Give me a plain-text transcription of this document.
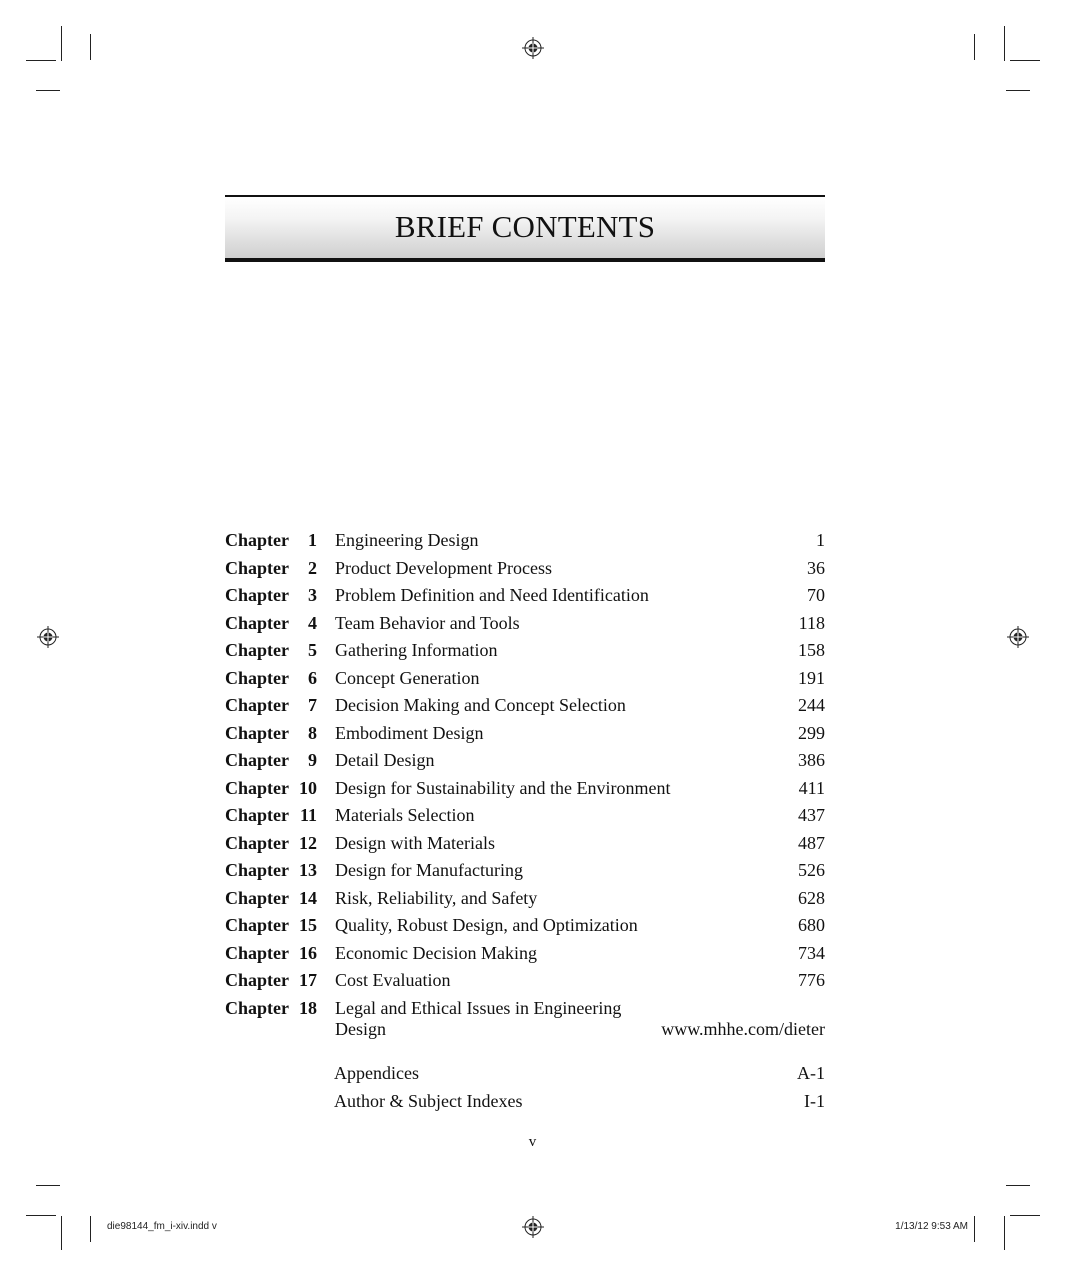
BRIEF CONTENTS
Chapter	1 Engineering Design	1
Chapter	2 Product Development Process	36
Chapter	3 Problem Definition and Need Identification	70
Chapter	4 Team Behavior and Tools	118
Chapter	5 Gathering Information	158
Chapter	6 Concept Generation	191
Chapter	7 Decision Making and Concept Selection	244
Chapter	8 Embodiment Design	299
Chapter	9 Detail Design	386
Chapter 10 Design for Sustainability and the Environment	411
Chapter 11 Materials Selection	437
Chapter 12 Design with Materials	487
Chapter 13 Design for Manufacturing	526
Chapter 14 Risk, Reliability, and Safety	628
Chapter 15 Quality, Robust Design, and Optimization	680
Chapter 16 Economic Decision Making	734
Chapter 17 Cost Evaluation	776
Chapter 18 Legal and Ethical Issues in Engineering
Design	www.mhhe.com/dieter
Appendices	A-1
Author & Subject Indexes	I-1
v
die98144_fm_i-xiv.indd v	1/13/12 9:53 AM
